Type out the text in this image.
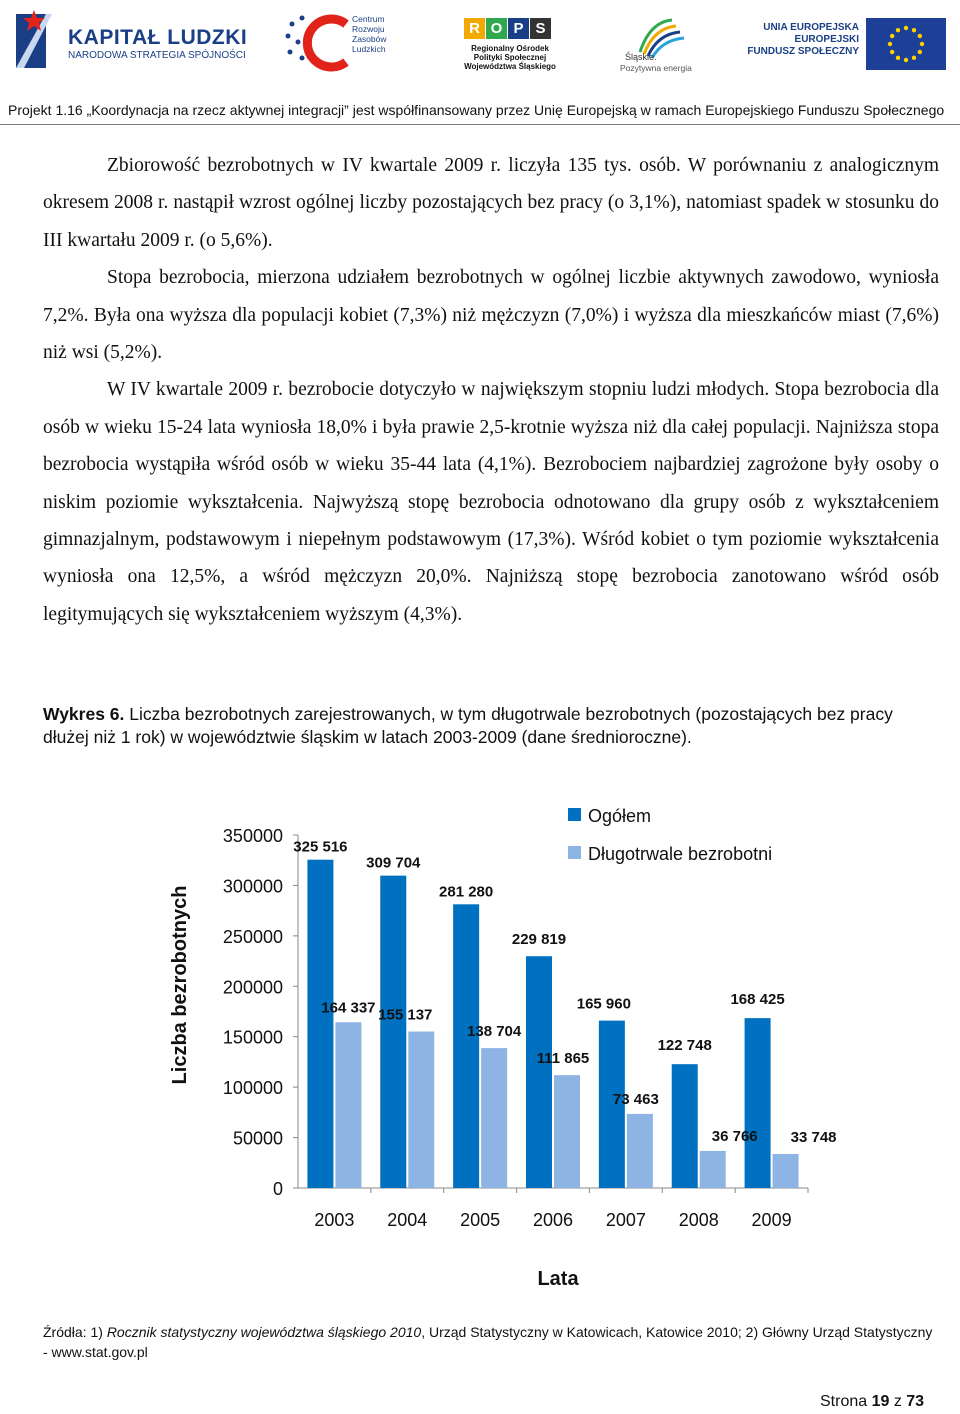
KAPITAŁ LUDZKI
NARODOWA STRATEGIA SPÓJNOŚCI
Centrum
Rozwoju
Zasobów
Ludzkich
R O P S
Regionalny Ośrodek
Polityki Społecznej
Województwa Śląskiego
Śląskie.
Pozytywna energia
UNIA EUROPEJSKA
EUROPEJSKI
FUNDUSZ SPOŁECZNY
Projekt 1.16 „Koordynacja na rzecz aktywnej integracji” jest współfinansowany przez Unię Europejską w ramach Europejskiego Funduszu Społecznego

Zbiorowość bezrobotnych w IV kwartale 2009 r. liczyła 135 tys. osób. W porównaniu z analogicznym okresem 2008 r. nastąpił wzrost ogólnej liczby pozostających bez pracy (o 3,1%), natomiast spadek w stosunku do III kwartału 2009 r. (o 5,6%).

Stopa bezrobocia, mierzona udziałem bezrobotnych w ogólnej liczbie aktywnych zawodowo, wyniosła 7,2%. Była ona wyższa dla populacji kobiet (7,3%) niż mężczyzn (7,0%) i wyższa dla mieszkańców miast (7,6%) niż wsi (5,2%).

W IV kwartale 2009 r. bezrobocie dotyczyło w największym stopniu ludzi młodych. Stopa bezrobocia dla osób w wieku 15-24 lata wyniosła 18,0% i była prawie 2,5-krotnie wyższa niż dla całej populacji. Najniższa stopa bezrobocia wystąpiła wśród osób w wieku 35-44 lata (4,1%). Bezrobociem najbardziej zagrożone były osoby o niskim poziomie wykształcenia. Najwyższą stopę bezrobocia odnotowano dla grupy osób z wykształceniem gimnazjalnym, podstawowym i niepełnym podstawowym (17,3%). Wśród kobiet o tym poziomie wykształcenia wyniosła ona 12,5%, a wśród mężczyzn 20,0%. Najniższą stopę bezrobocia zanotowano wśród osób legitymujących się wykształceniem wyższym (4,3%).

Wykres 6. Liczba bezrobotnych zarejestrowanych, w tym długotrwale bezrobotnych (pozostających bez pracy dłużej niż 1 rok) w województwie śląskim w latach 2003-2009 (dane średnioroczne).
0
50000
100000
150000
200000
250000
300000
350000
2003 2004 2005 2006 2007 2008 2009
325 516
309 704
281 280
229 819
165 960
122 748
168 425
164 337 155 137
138 704
111 865
73 463
36 766 33 748
Ogółem
Długotrwale bezrobotni
Lata
Liczba bezrobotnych
Źródła: 1) Rocznik statystyczny województwa śląskiego 2010, Urząd Statystyczny w Katowicach, Katowice 2010; 2) Główny Urząd Statystyczny - www.stat.gov.pl
Strona 19 z 73
